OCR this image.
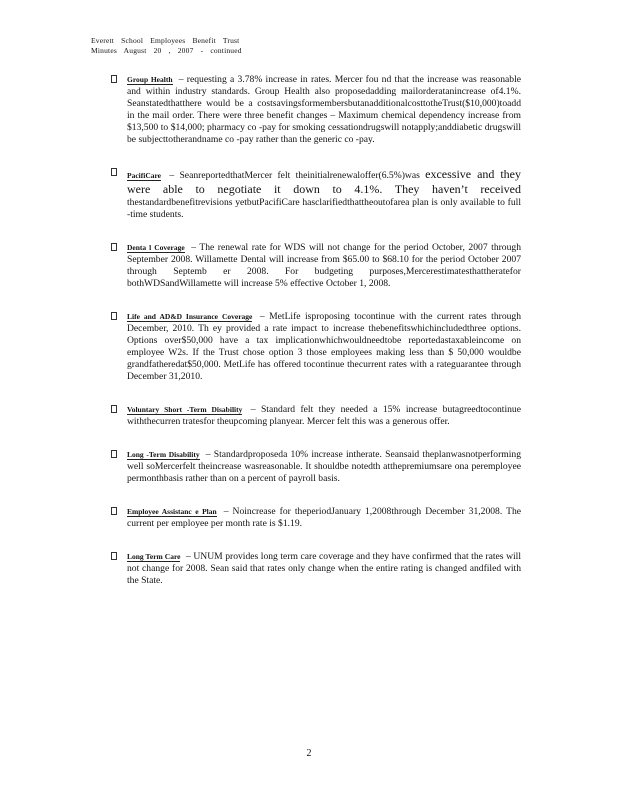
Everett School Employees Benefit Trust
Minutes August 20 , 2007 - continued
Group Health – requesting a 3.78% increase in rates. Mercer fou nd that the increase was reasonable and within industry standards. Group Health also proposedadding mailorderatanincrease of4.1%. Seanstatedthatthere would be a costsavingsformembersbutanadditionalcosttotheTrust($10,000)toadd in the mail order. There were three benefit changes – Maximum chemical dependency increase from $13,500 to $14,000; pharmacy co -pay for smoking cessationdrugswill notapply;anddiabetic drugswill be subjecttotherandname co -pay rather than the generic co -pay.
PacifiCare – SeanreportedthatMercer felt theinitialrenewaloffer(6.5%)was excessive and they were able to negotiate it down to 4.1%. They haven’t received thestandardbenefitrevisions yetbutPacifiCare hasclarifiedthattheoutofarea plan is only available to full -time students.
Denta l Coverage – The renewal rate for WDS will not change for the period October, 2007 through September 2008. Willamette Dental will increase from $65.00 to $68.10 for the period October 2007 through Septemb er 2008. For budgeting purposes,Mercerestimatesthattheratefor bothWDSandWillamette will increase 5% effective October 1, 2008.
Life and AD&D Insurance Coverage – MetLife isproposing tocontinue with the current rates through December, 2010. Th ey provided a rate impact to increase thebenefitswhichincludedthree options. Options over$50,000 have a tax implicationwhichwouldneedtobe reportedastaxableincome on employee W2s. If the Trust chose option 3 those employees making less than $ 50,000 wouldbe grandfatheredat$50,000. MetLife has offered tocontinue thecurrent rates with a rateguarantee through December 31,2010.
Voluntary Short -Term Disability – Standard felt they needed a 15% increase butagreedtocontinue withthecurren tratesfor theupcoming planyear. Mercer felt this was a generous offer.
Long -Term Disability – Standardproposeda 10% increase intherate. Seansaid theplanwasnotperforming well soMercerfelt theincrease wasreasonable. It shouldbe notedth atthepremiumsare ona peremployee permonthbasis rather than on a percent of payroll basis.
Employee Assistanc e Plan – Noincrease for theperiodJanuary 1,2008through December 31,2008. The current per employee per month rate is $1.19.
Long Term Care – UNUM provides long term care coverage and they have confirmed that the rates will not change for 2008. Sean said that rates only change when the entire rating is changed andfiled with the State.
2
